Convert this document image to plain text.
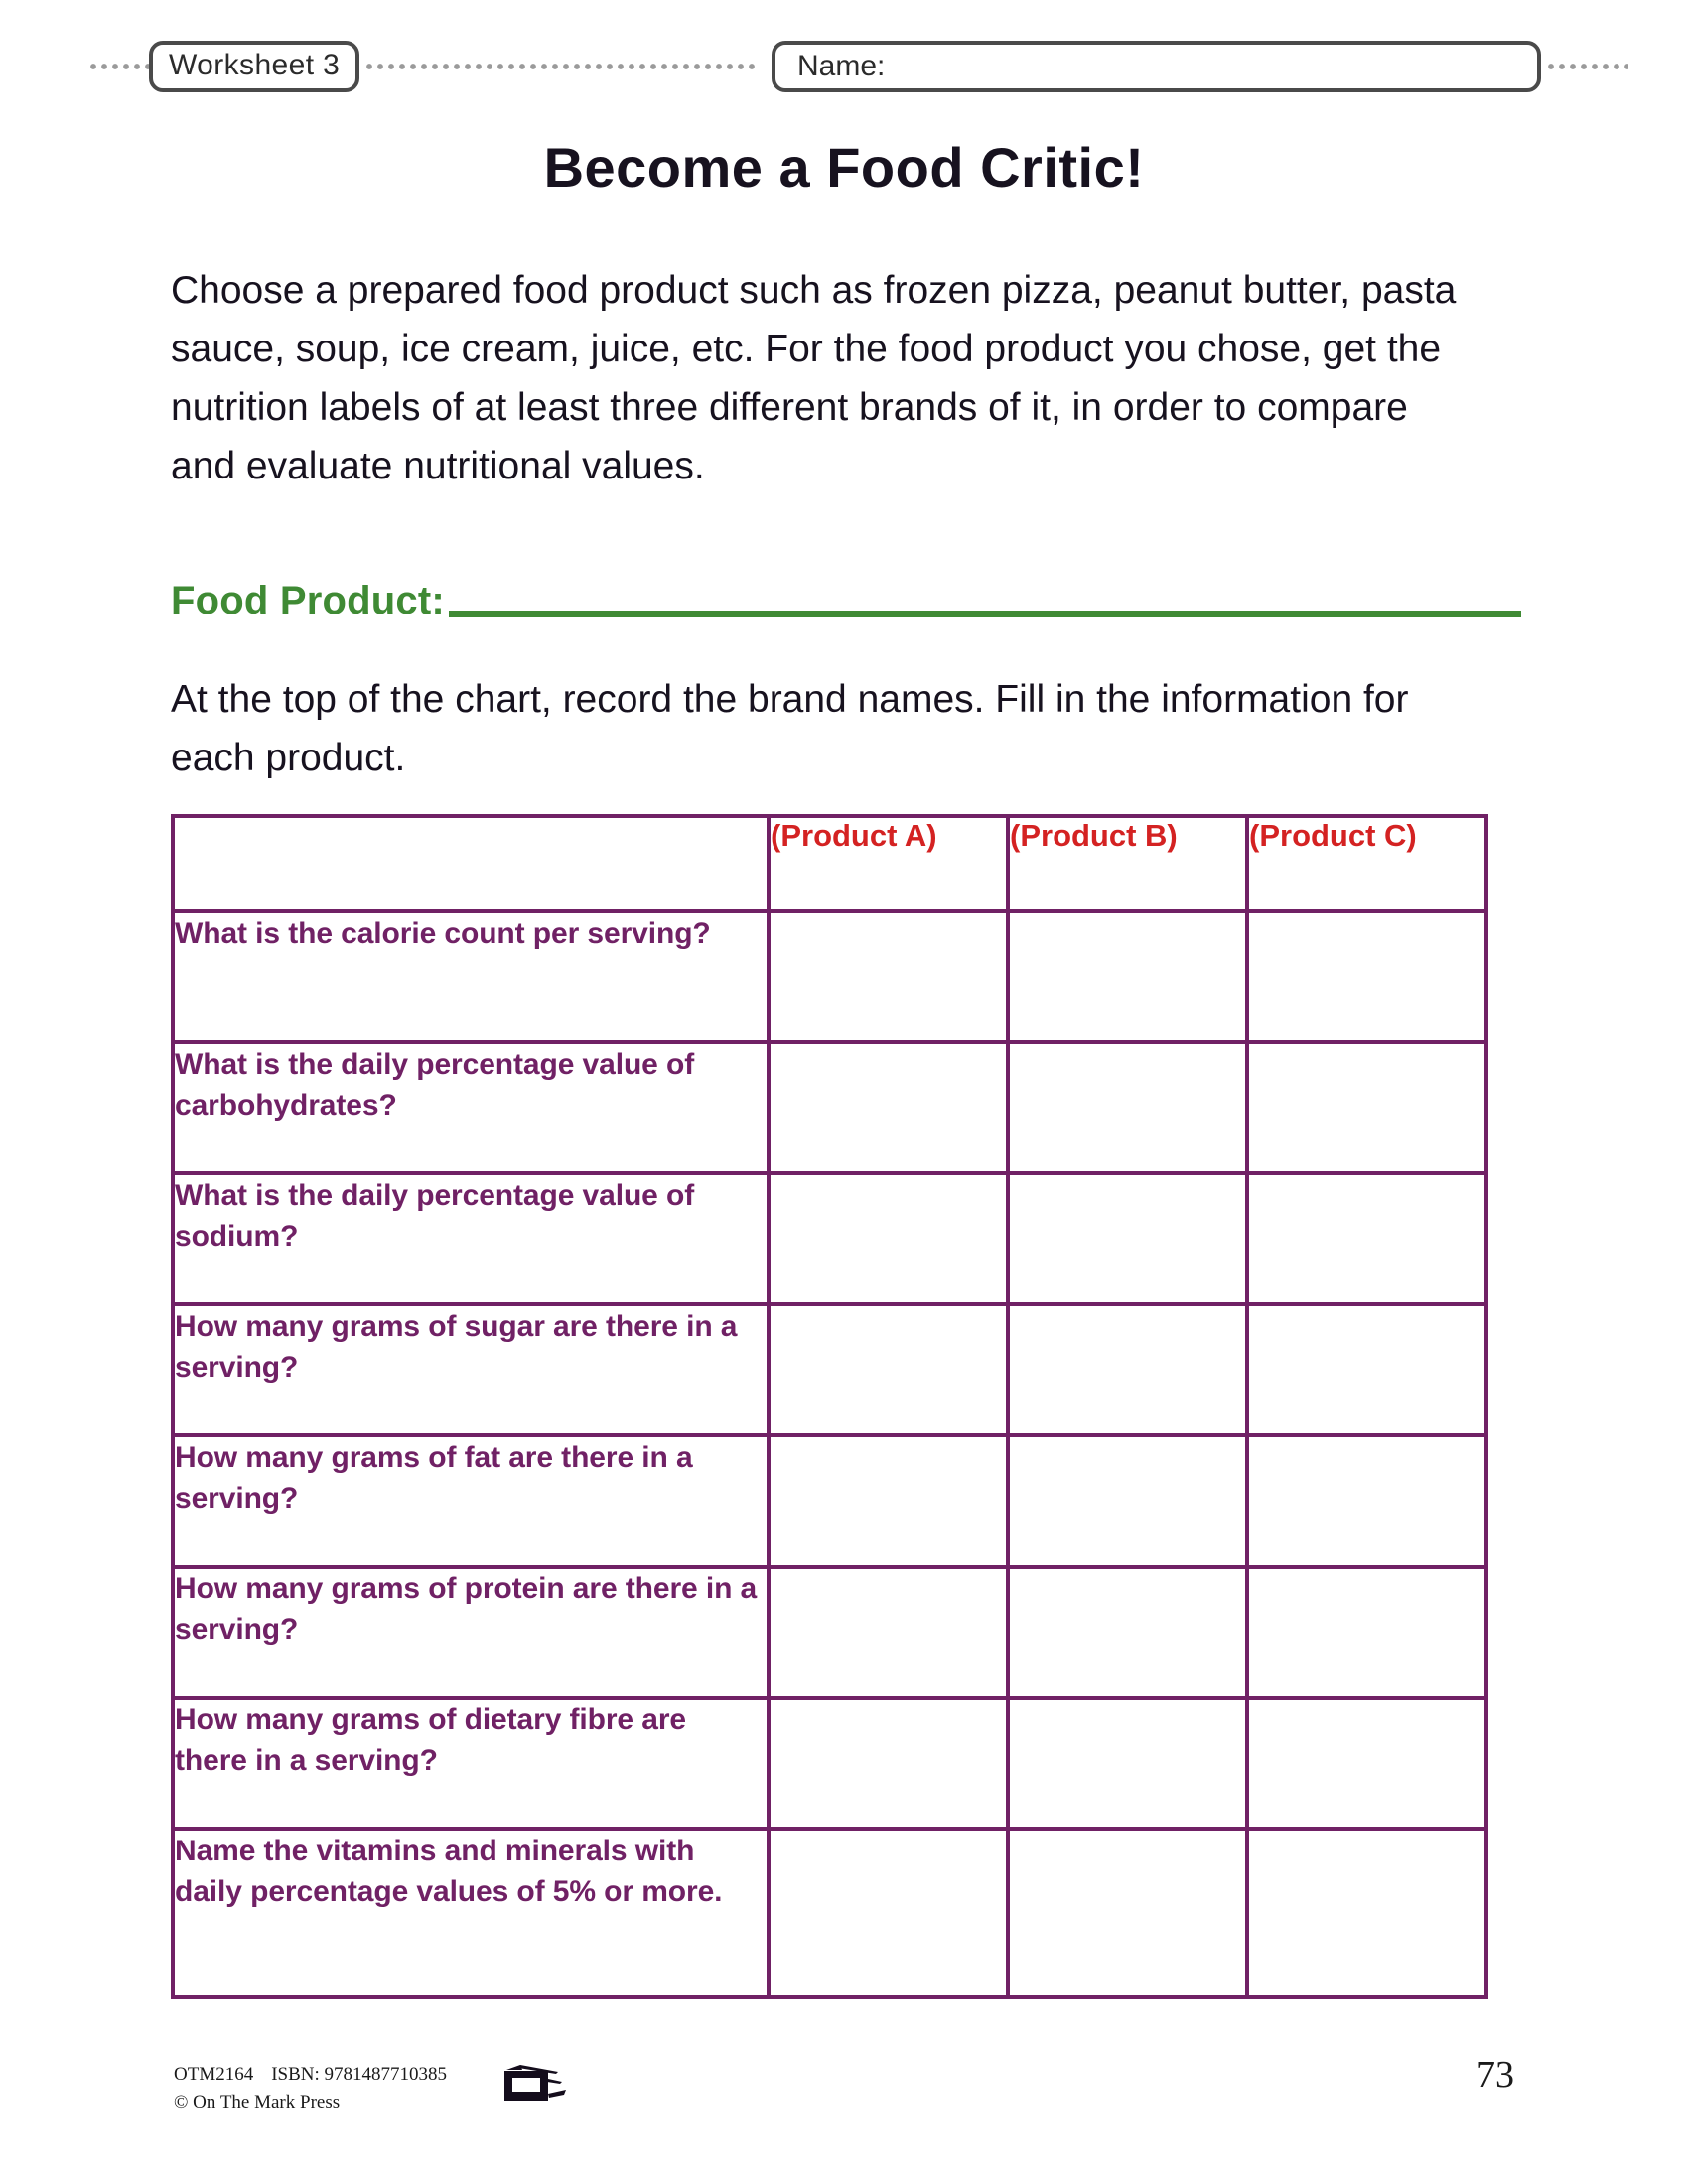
Worksheet 3	Name:
Become a Food Critic!
Choose a prepared food product such as frozen pizza, peanut butter, pasta sauce, soup, ice cream, juice, etc. For the food product you chose, get the nutrition labels of at least three different brands of it, in order to compare and evaluate nutritional values.
Food Product:
At the top of the chart, record the brand names. Fill in the information for each product.
	(Product A)	(Product B)	(Product C)
What is the calorie count per serving?			
What is the daily percentage value of carbohydrates?			
What is the daily percentage value of sodium?			
How many grams of sugar are there in a serving?			
How many grams of fat are there in a serving?			
How many grams of protein are there in a serving?			
How many grams of dietary fibre are there in a serving?			
Name the vitamins and minerals with daily percentage values of 5% or more.			
OTM2164 ISBN: 9781487710385
© On The Mark Press
73
